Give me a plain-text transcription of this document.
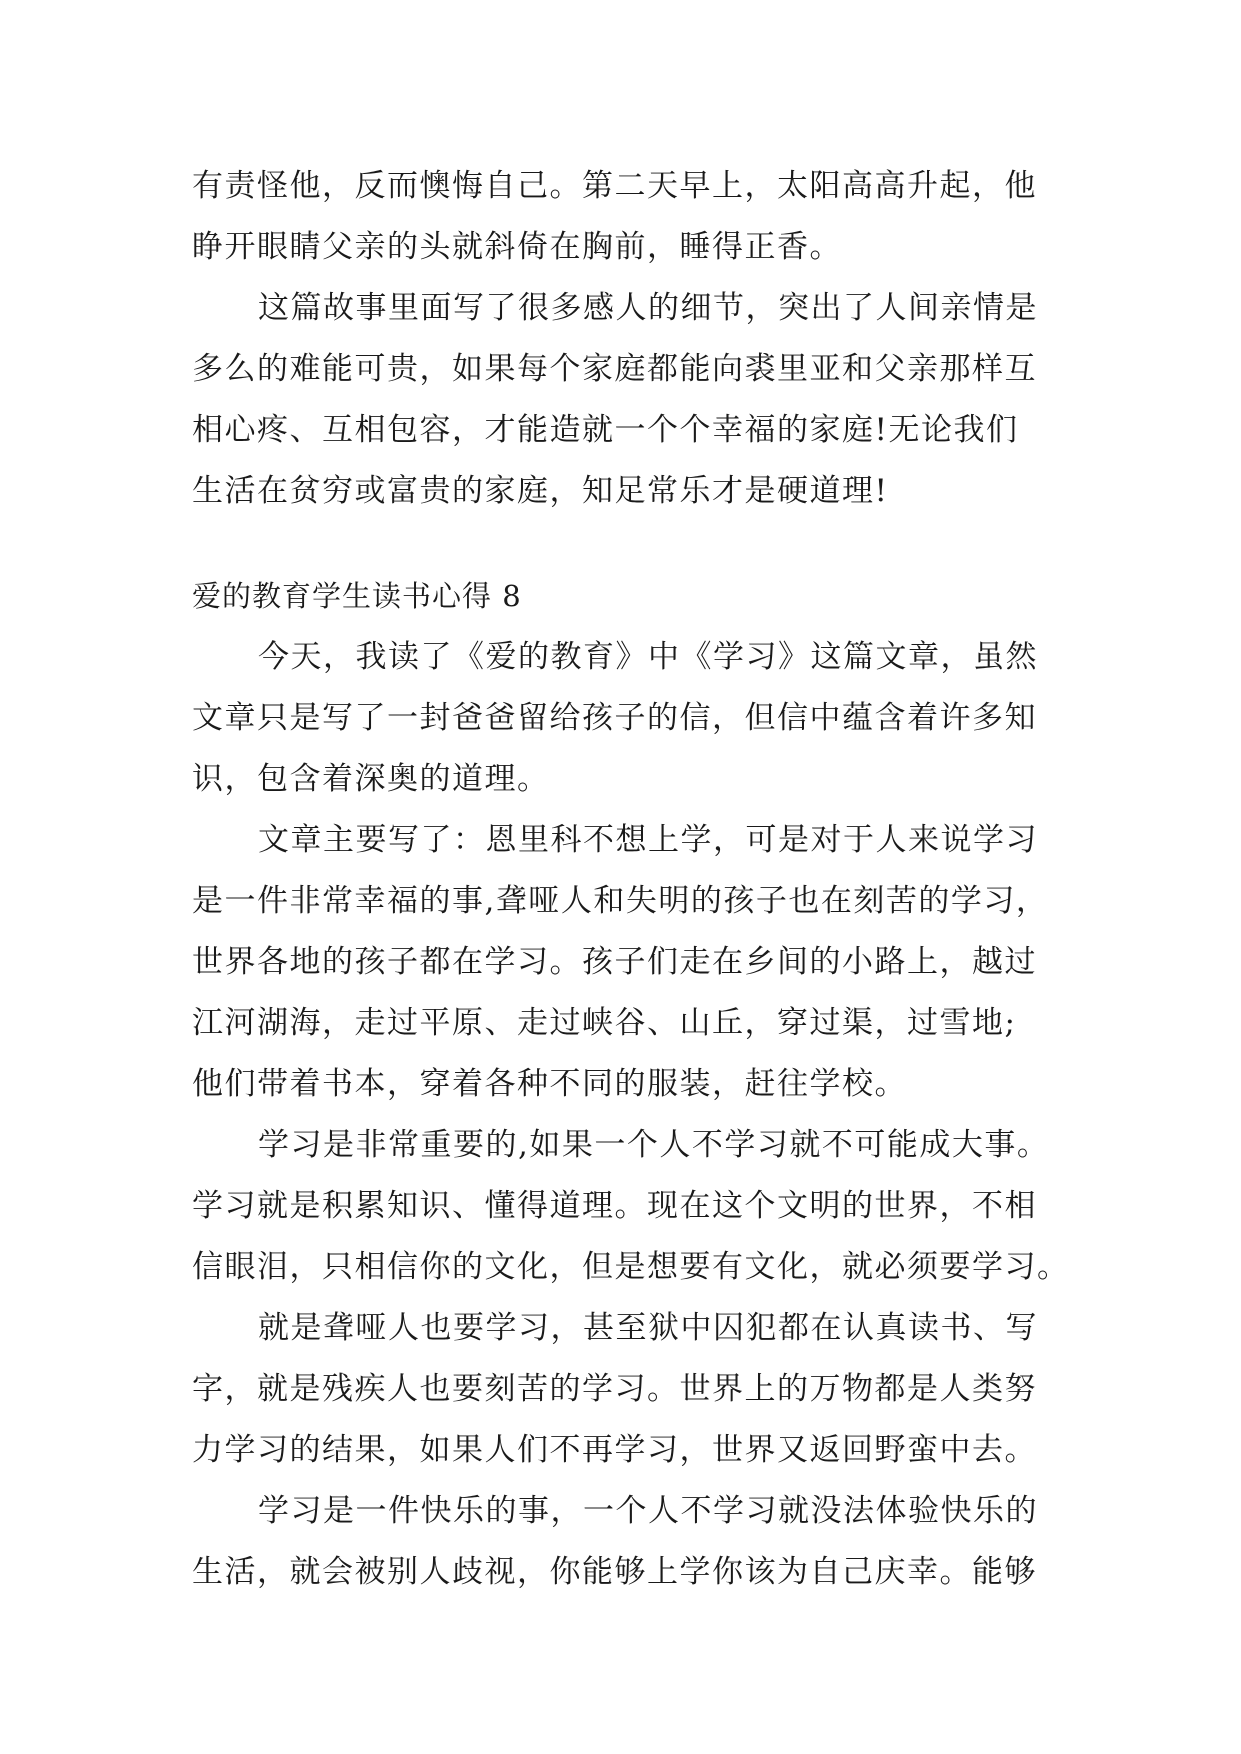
有责怪他，反而懊悔自己。第二天早上，太阳高高升起，他
睁开眼睛父亲的头就斜倚在胸前，睡得正香。
这篇故事里面写了很多感人的细节，突出了人间亲情是
多么的难能可贵，如果每个家庭都能向裘里亚和父亲那样互
相心疼、互相包容，才能造就一个个幸福的家庭!无论我们
生活在贫穷或富贵的家庭，知足常乐才是硬道理!
爱的教育学生读书心得 8
今天，我读了《爱的教育》中《学习》这篇文章，虽然
文章只是写了一封爸爸留给孩子的信，但信中蕴含着许多知
识，包含着深奥的道理。
文章主要写了：恩里科不想上学，可是对于人来说学习
是一件非常幸福的事,聋哑人和失明的孩子也在刻苦的学习，
世界各地的孩子都在学习。孩子们走在乡间的小路上，越过
江河湖海，走过平原、走过峡谷、山丘，穿过渠，过雪地;
他们带着书本，穿着各种不同的服装，赶往学校。
学习是非常重要的,如果一个人不学习就不可能成大事。
学习就是积累知识、懂得道理。现在这个文明的世界，不相
信眼泪，只相信你的文化，但是想要有文化，就必须要学习。
就是聋哑人也要学习，甚至狱中囚犯都在认真读书、写
字，就是残疾人也要刻苦的学习。世界上的万物都是人类努
力学习的结果，如果人们不再学习，世界又返回野蛮中去。
学习是一件快乐的事，一个人不学习就没法体验快乐的
生活，就会被别人歧视，你能够上学你该为自己庆幸。能够
